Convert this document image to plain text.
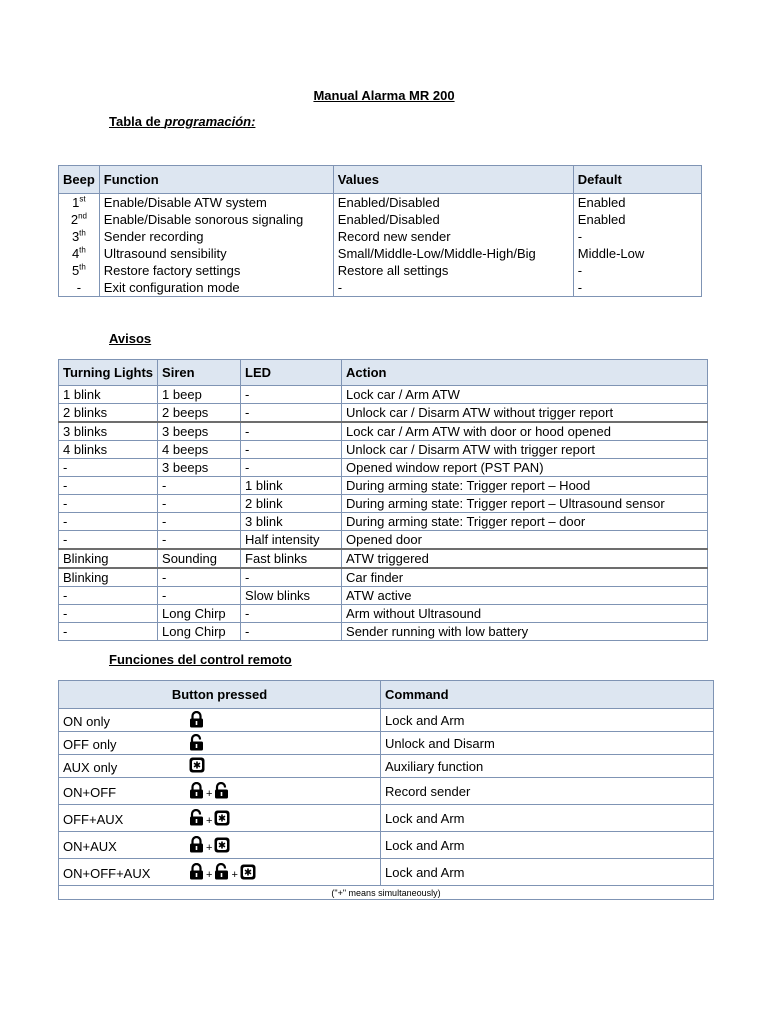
Manual Alarma MR 200
Tabla de programación:
Beep	Function	Values	Default
1st	Enable/Disable ATW system	Enabled/Disabled	Enabled
2nd	Enable/Disable sonorous signaling	Enabled/Disabled	Enabled
3th	Sender recording	Record new sender	-
4th	Ultrasound sensibility	Small/Middle-Low/Middle-High/Big	Middle-Low
5th	Restore factory settings	Restore all settings	-
-	Exit configuration mode	-	-
Avisos
Turning Lights	Siren	LED	Action
1 blink	1 beep	-	Lock car / Arm ATW
2 blinks	2 beeps	-	Unlock car / Disarm ATW without trigger report
3 blinks	3 beeps	-	Lock car / Arm ATW with door or hood opened
4 blinks	4 beeps	-	Unlock car / Disarm ATW with trigger report
-	3 beeps	-	Opened window report (PST PAN)
-	-	1 blink	During arming state: Trigger report – Hood
-	-	2 blink	During arming state: Trigger report – Ultrasound sensor
-	-	3 blink	During arming state: Trigger report – door
-	-	Half intensity	Opened door
Blinking	Sounding	Fast blinks	ATW triggered
Blinking	-	-	Car finder
-	-	Slow blinks	ATW active
-	Long Chirp	-	Arm without Ultrasound
-	Long Chirp	-	Sender running with low battery
Funciones del control remoto
Button pressed	Command
ON only	Lock and Arm
OFF only	Unlock and Disarm
AUX only	Auxiliary function
ON+OFF +	Record sender
OFF+AUX +	Lock and Arm
ON+AUX +	Lock and Arm
ON+OFF+AUX + +	Lock and Arm
("+" means simultaneously)	
